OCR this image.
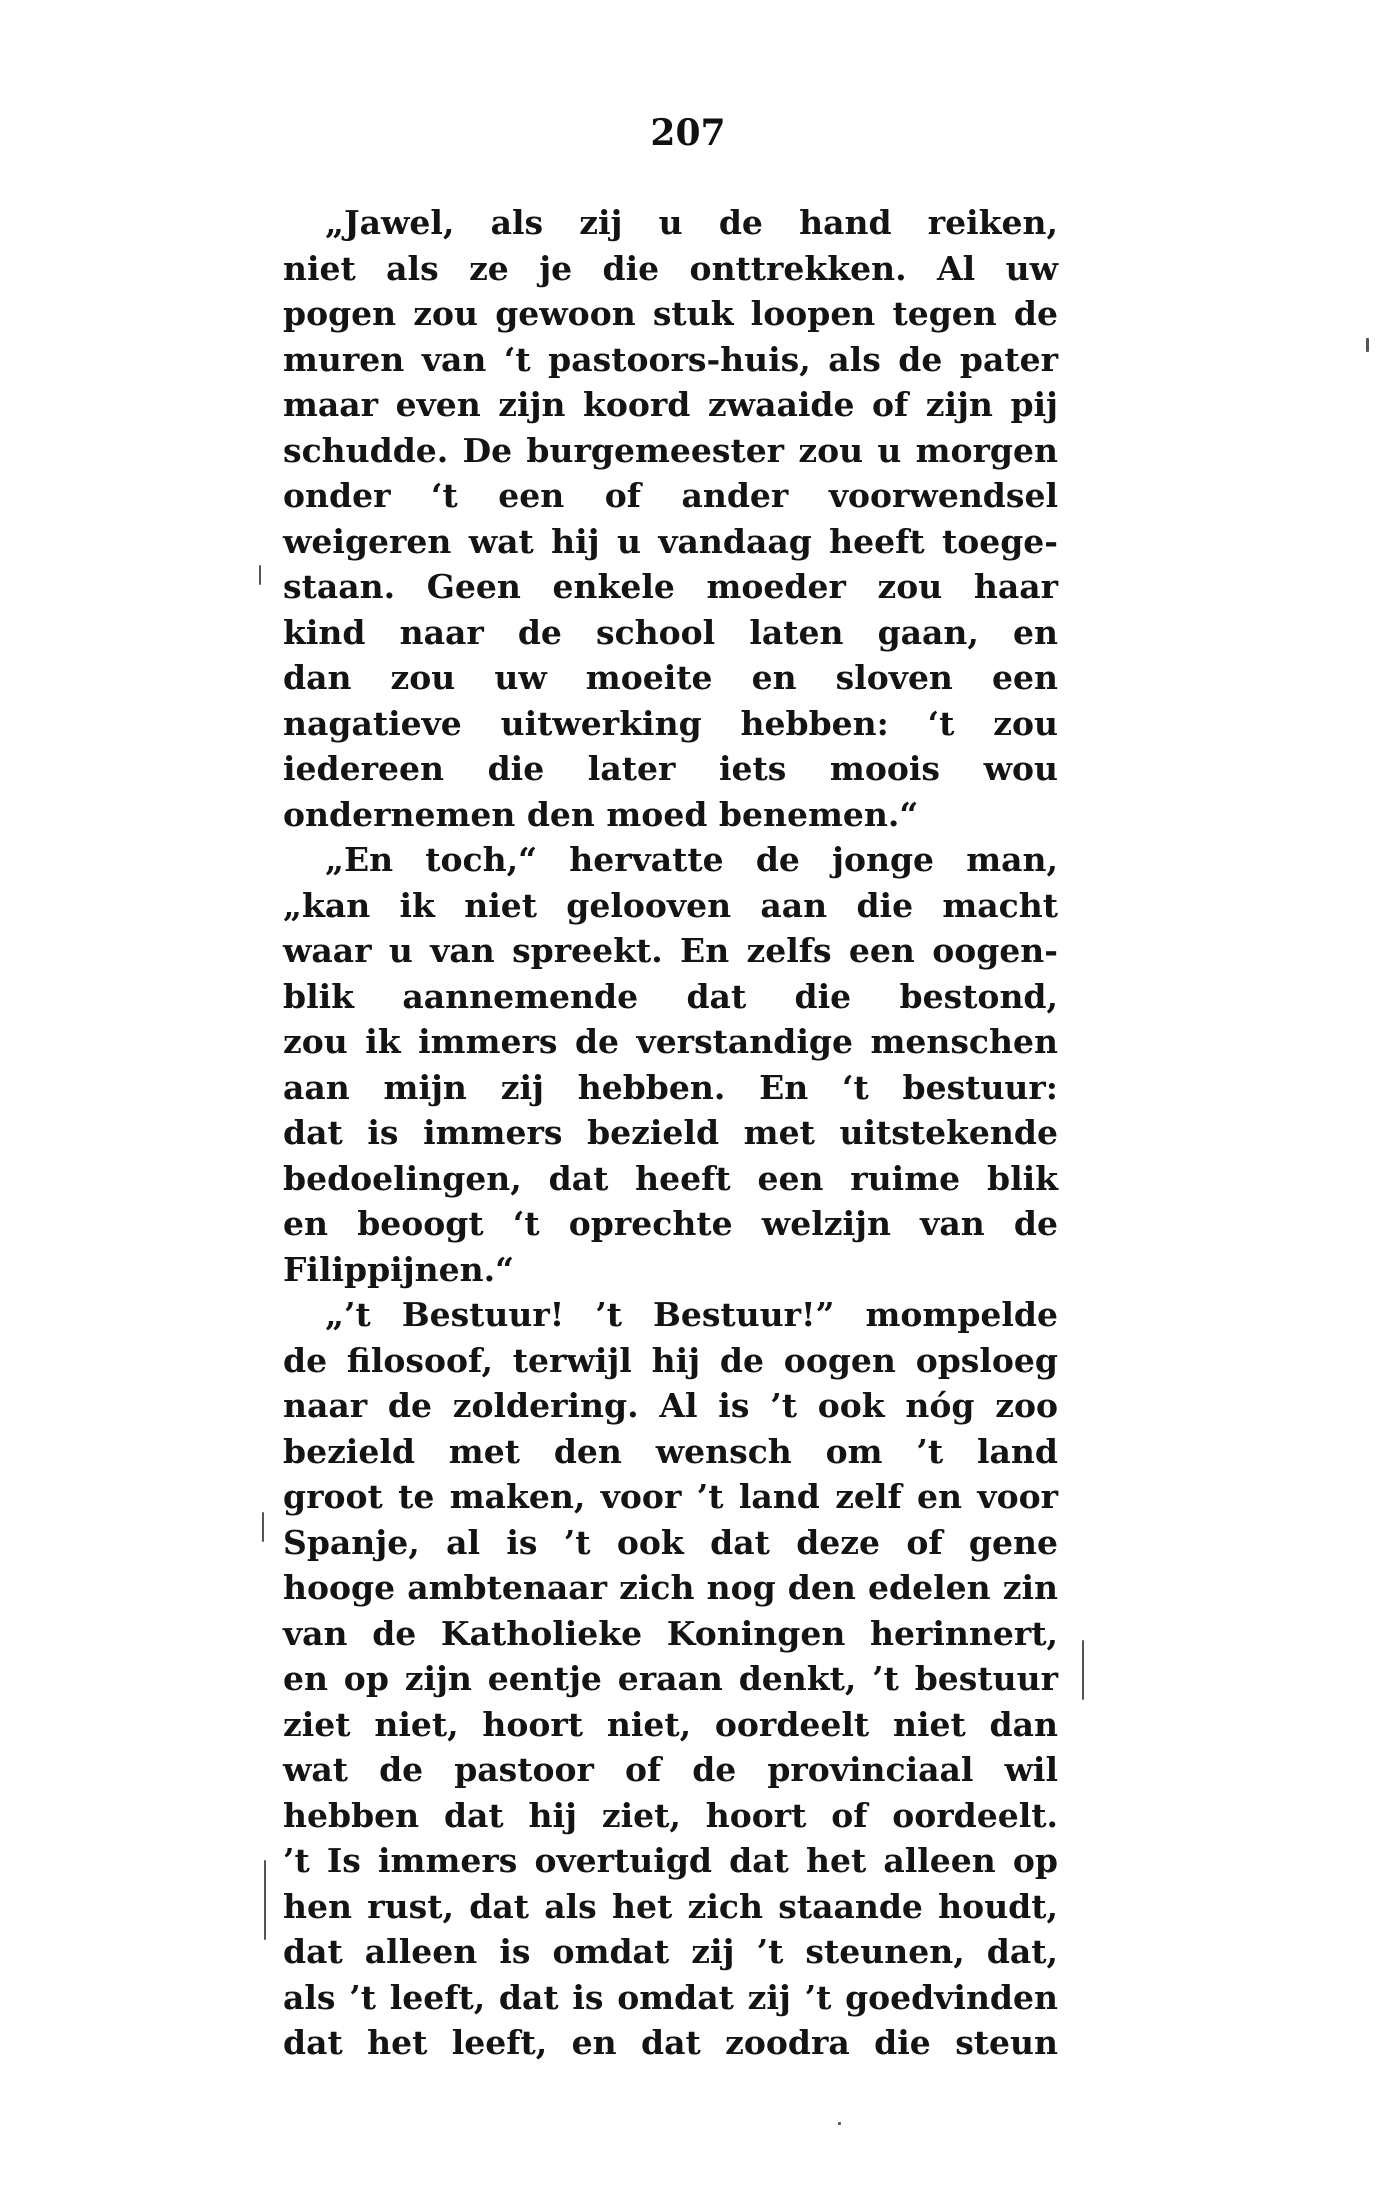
207
„Jawel, als zij u de hand reiken,
niet als ze je die onttrekken. Al uw
pogen zou gewoon stuk loopen tegen de
muren van ‘t pastoors-huis, als de pater
maar even zijn koord zwaaide of zijn pij
schudde. De burgemeester zou u morgen
onder ‘t een of ander voorwendsel
weigeren wat hij u vandaag heeft toege-
staan. Geen enkele moeder zou haar
kind naar de school laten gaan, en
dan zou uw moeite en sloven een
nagatieve uitwerking hebben: ‘t zou
iedereen die later iets moois wou
ondernemen den moed benemen.“
„En toch,“ hervatte de jonge man,
„kan ik niet gelooven aan die macht
waar u van spreekt. En zelfs een oogen-
blik aannemende dat die bestond,
zou ik immers de verstandige menschen
aan mijn zij hebben. En ‘t bestuur:
dat is immers bezield met uitstekende
bedoelingen, dat heeft een ruime blik
en beoogt ‘t oprechte welzijn van de
Filippijnen.“
„’t Bestuur! ’t Bestuur!” mompelde
de filosoof, terwijl hij de oogen opsloeg
naar de zoldering. Al is ’t ook nóg zoo
bezield met den wensch om ’t land
groot te maken, voor ’t land zelf en voor
Spanje, al is ’t ook dat deze of gene
hooge ambtenaar zich nog den edelen zin
van de Katholieke Koningen herinnert,
en op zijn eentje eraan denkt, ’t bestuur
ziet niet, hoort niet, oordeelt niet dan
wat de pastoor of de provinciaal wil
hebben dat hij ziet, hoort of oordeelt.
’t Is immers overtuigd dat het alleen op
hen rust, dat als het zich staande houdt,
dat alleen is omdat zij ’t steunen, dat,
als ’t leeft, dat is omdat zij ’t goedvinden
dat het leeft, en dat zoodra die steun
